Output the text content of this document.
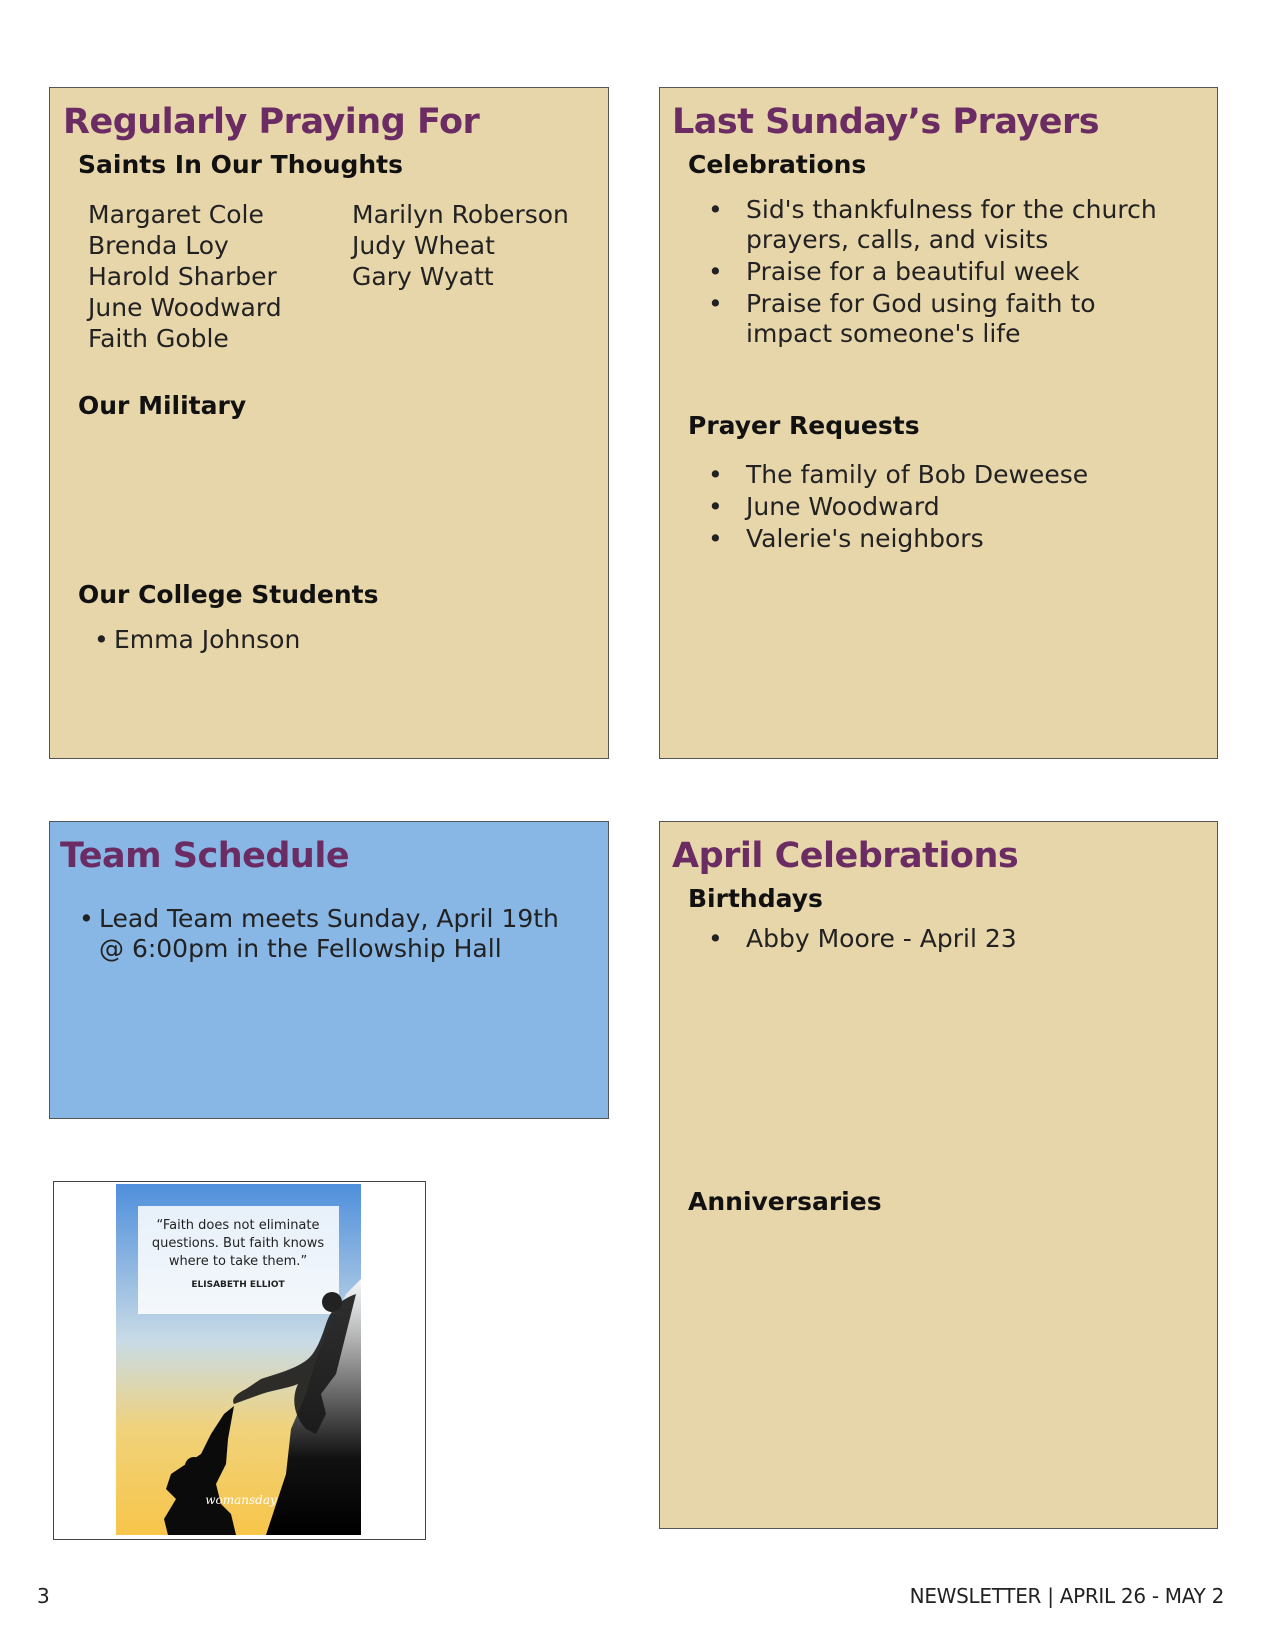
Regularly Praying For
Saints In Our Thoughts
Margaret Cole
Brenda Loy
Harold Sharber
June Woodward
Faith Goble
Marilyn Roberson
Judy Wheat
Gary Wyatt
Our Military
Our College Students
• Emma Johnson
Last Sunday’s Prayers
Celebrations
• Sid's thankfulness for the church prayers, calls, and visits
• Praise for a beautiful week
• Praise for God using faith to impact someone's life
Prayer Requests
• The family of Bob Deweese
• June Woodward
• Valerie's neighbors
Team Schedule
• Lead Team meets Sunday, April 19th @ 6:00pm in the Fellowship Hall
April Celebrations
Birthdays
• Abby Moore - April 23
Anniversaries
“Faith does not eliminate
questions. But faith knows
where to take them.”
ELISABETH ELLIOT
womansday
3	NEWSLETTER | APRIL 26 - MAY 2
